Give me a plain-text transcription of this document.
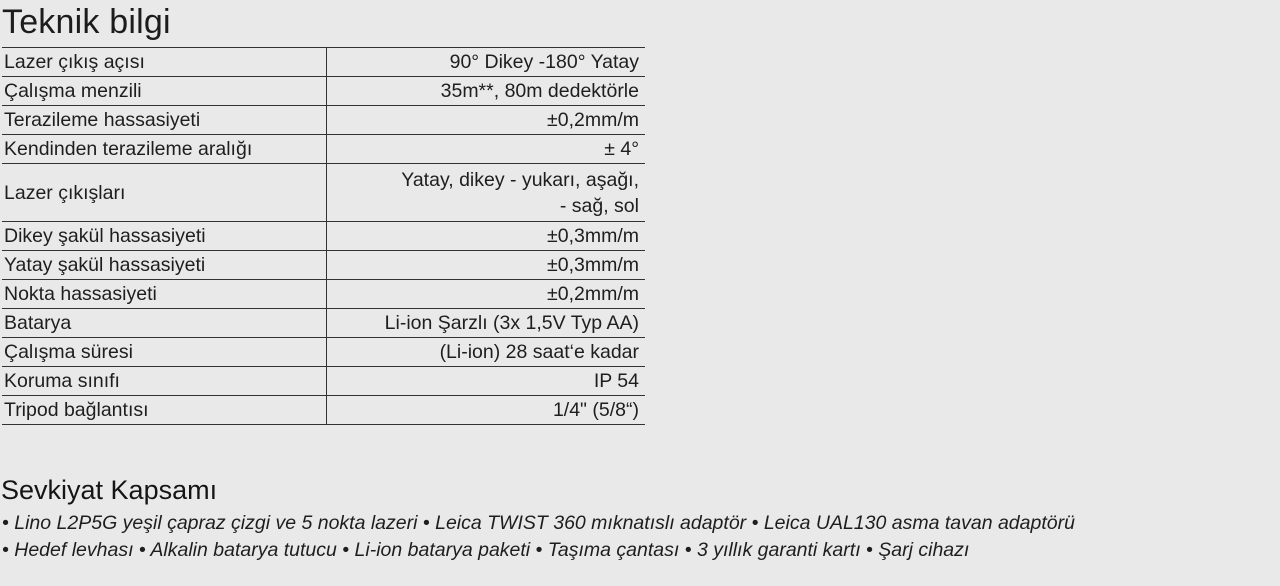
Teknik bilgi
Lazer çıkış açısı	90° Dikey -180° Yatay
Çalışma menzili	35m**, 80m dedektörle
Terazileme hassasiyeti	±0,2mm/m
Kendinden terazileme aralığı	± 4°
Lazer çıkışları	Yatay, dikey - yukarı, aşağı,
- sağ, sol

Dikey şakül hassasiyeti	±0,3mm/m
Yatay şakül hassasiyeti	±0,3mm/m
Nokta hassasiyeti	±0,2mm/m
Batarya	Li-ion Şarzlı (3x 1,5V Typ AA)
Çalışma süresi	(Li-ion) 28 saat‘e kadar
Koruma sınıfı	IP 54
Tripod bağlantısı	1/4" (5/8“)
Sevkiyat Kapsamı
• Lino L2P5G yeşil çapraz çizgi ve 5 nokta lazeri • Leica TWIST 360 mıknatıslı adaptör • Leica UAL130 asma tavan adaptörü
• Hedef levhası • Alkalin batarya tutucu • Li-ion batarya paketi • Taşıma çantası • 3 yıllık garanti kartı • Şarj cihazı
